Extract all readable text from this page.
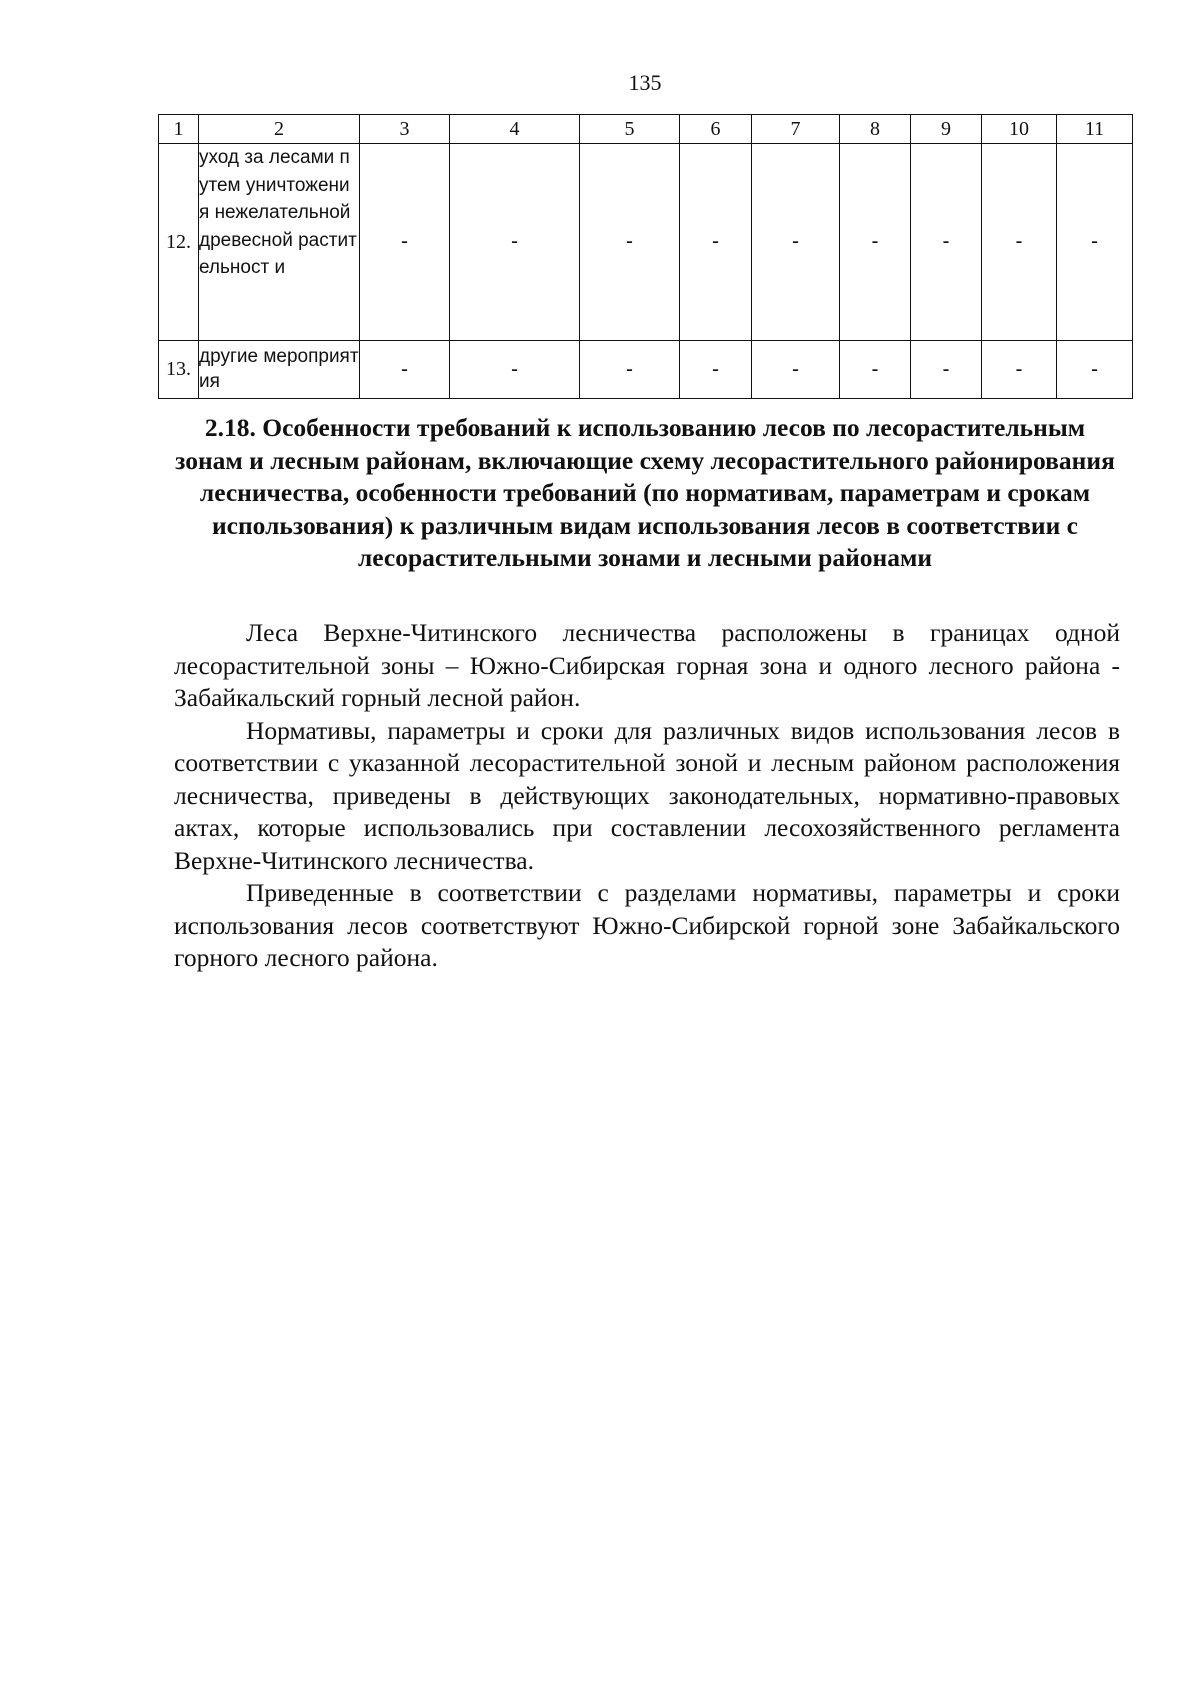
135
1	2	3	4	5	6	7	8	9	10	11
12.	уход за лесами путем уничтожения нежелательной древесной растительност и	-	-	-	-	-	-	-	-	-
13.	другие мероприятия	-	-	-	-	-	-	-	-	-
2.18. Особенности требований к использованию лесов по лесорастительным зонам и лесным районам, включающие схему лесорастительного районирования лесничества, особенности требований (по нормативам, параметрам и срокам использования) к различным видам использования лесов в соответствии с лесорастительными зонами и лесными районами

Леса Верхне-Читинского лесничества расположены в границах одной лесорастительной зоны – Южно-Сибирская горная зона и одного лесного района - Забайкальский горный лесной район.

Нормативы, параметры и сроки для различных видов использования лесов в соответствии с указанной лесорастительной зоной и лесным районом расположения лесничества, приведены в действующих законодательных, нормативно-правовых актах, которые использовались при составлении лесохозяйственного регламента Верхне-Читинского лесничества.

Приведенные в соответствии с разделами нормативы, параметры и сроки использования лесов соответствуют Южно-Сибирской горной зоне Забайкальского горного лесного района.
